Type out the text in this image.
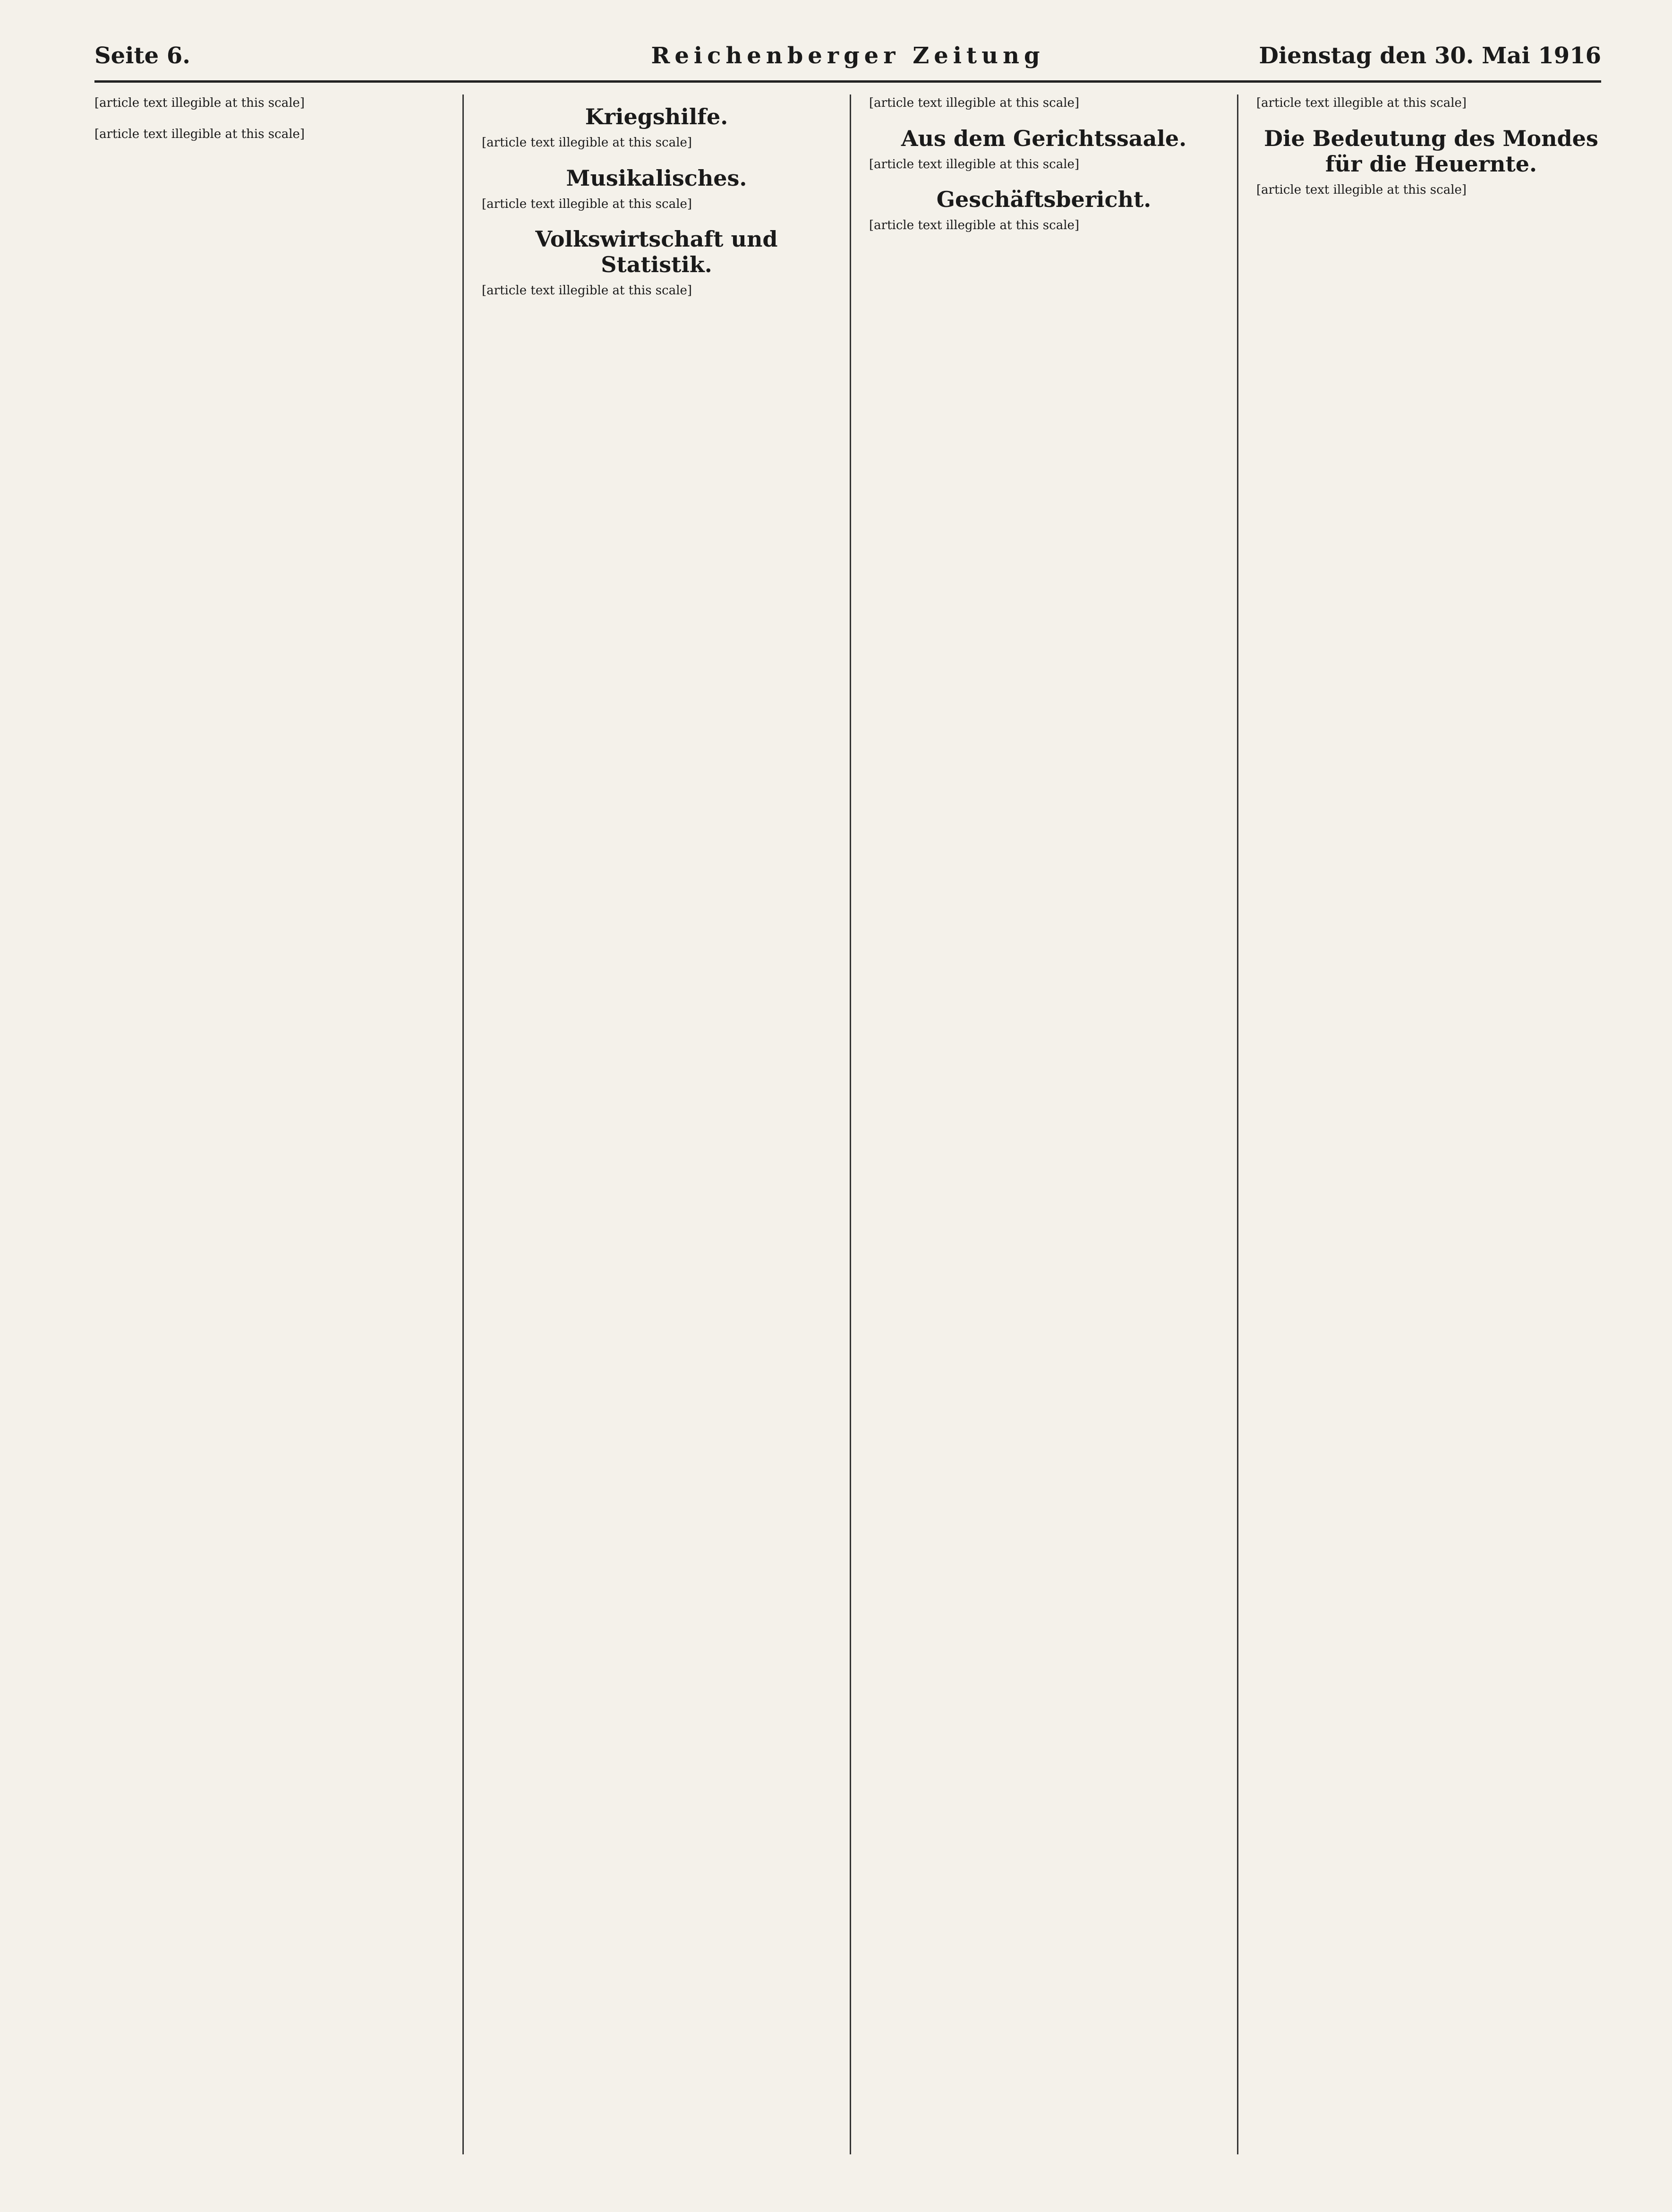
Seite 6.	Reichenberger Zeitung	Dienstag den 30. Mai 1916

[article text illegible at this scale]

[article text illegible at this scale]

Kriegshilfe.

[article text illegible at this scale]

Musikalisches.

[article text illegible at this scale]

Volkswirtschaft und Statistik.

[article text illegible at this scale]

[article text illegible at this scale]

Aus dem Gerichtssaale.

[article text illegible at this scale]

Geschäftsbericht.

[article text illegible at this scale]

[article text illegible at this scale]

Die Bedeutung des Mondes für die Heuernte.

[article text illegible at this scale]
